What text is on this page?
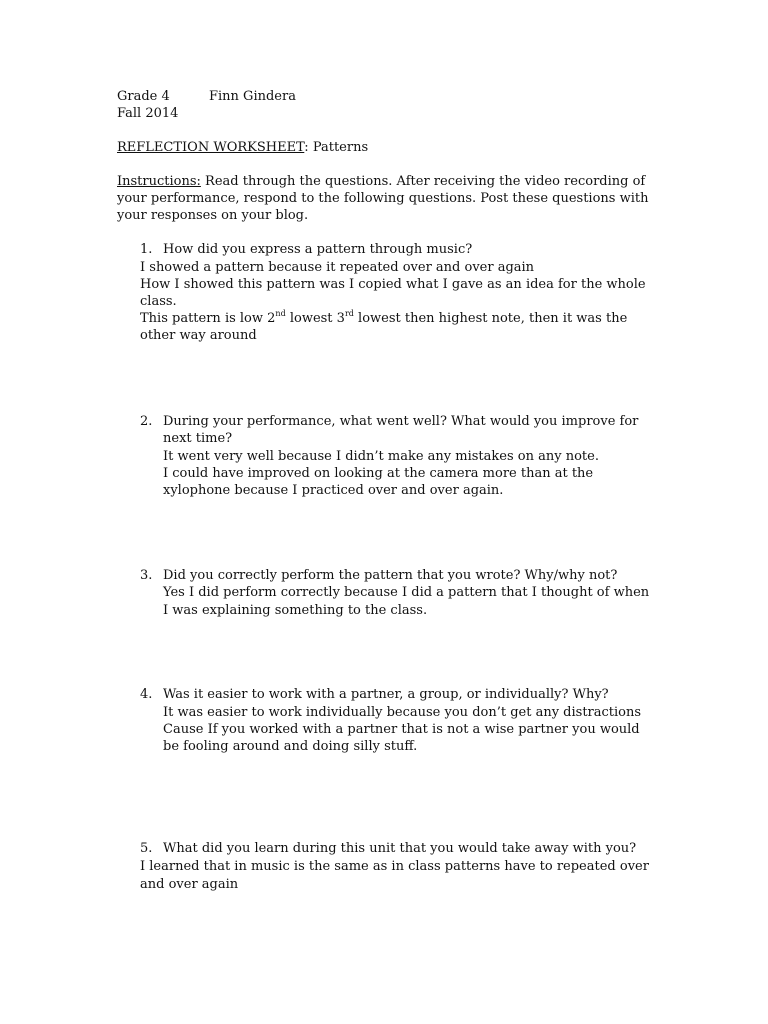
Grade 4	Finn Gindera
Fall 2014
REFLECTION WORKSHEET: Patterns
Instructions: Read through the questions. After receiving the video recording of
your performance, respond to the following questions. Post these questions with
your responses on your blog.
1. How did you express a pattern through music?
I showed a pattern because it repeated over and over again
How I showed this pattern was I copied what I gave as an idea for the whole
class.
This pattern is low 2nd lowest 3rd lowest then highest note, then it was the
other way around
2. During your performance, what went well? What would you improve for
next time?
It went very well because I didn’t make any mistakes on any note.
I could have improved on looking at the camera more than at the
xylophone because I practiced over and over again.
3. Did you correctly perform the pattern that you wrote? Why/why not?
Yes I did perform correctly because I did a pattern that I thought of when
I was explaining something to the class.
4. Was it easier to work with a partner, a group, or individually? Why?
It was easier to work individually because you don’t get any distractions
Cause If you worked with a partner that is not a wise partner you would
be fooling around and doing silly stuff.
5. What did you learn during this unit that you would take away with you?
I learned that in music is the same as in class patterns have to repeated over
and over again
